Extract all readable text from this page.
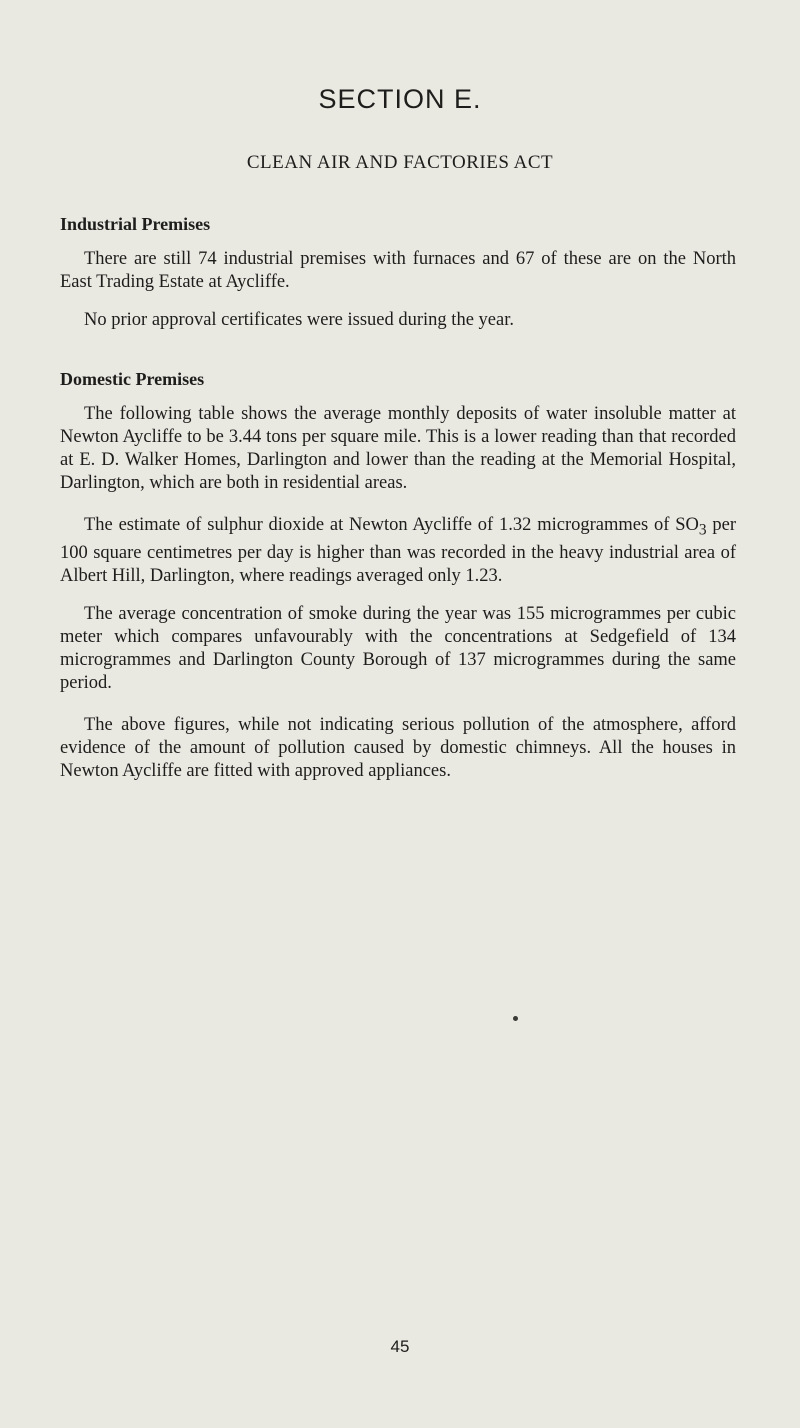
SECTION E.
CLEAN AIR AND FACTORIES ACT
Industrial Premises

There are still 74 industrial premises with furnaces and 67 of these are on the North East Trading Estate at Aycliffe.

No prior approval certificates were issued during the year.

Domestic Premises

The following table shows the average monthly deposits of water insoluble matter at Newton Aycliffe to be 3.44 tons per square mile. This is a lower reading than that recorded at E. D. Walker Homes, Darlington and lower than the reading at the Memorial Hospital, Darlington, which are both in residential areas.

The estimate of sulphur dioxide at Newton Aycliffe of 1.32 microgrammes of $SO_3$ per 100 square centimetres per day is higher than was recorded in the heavy industrial area of Albert Hill, Darlington, where readings averaged only 1.23.

The average concentration of smoke during the year was 155 microgrammes per cubic meter which compares unfavourably with the concentrations at Sedgefield of 134 microgrammes and Darlington County Borough of 137 microgrammes during the same period.

The above figures, while not indicating serious pollution of the atmosphere, afford evidence of the amount of pollution caused by domestic chimneys. All the houses in Newton Aycliffe are fitted with approved appliances.

45
